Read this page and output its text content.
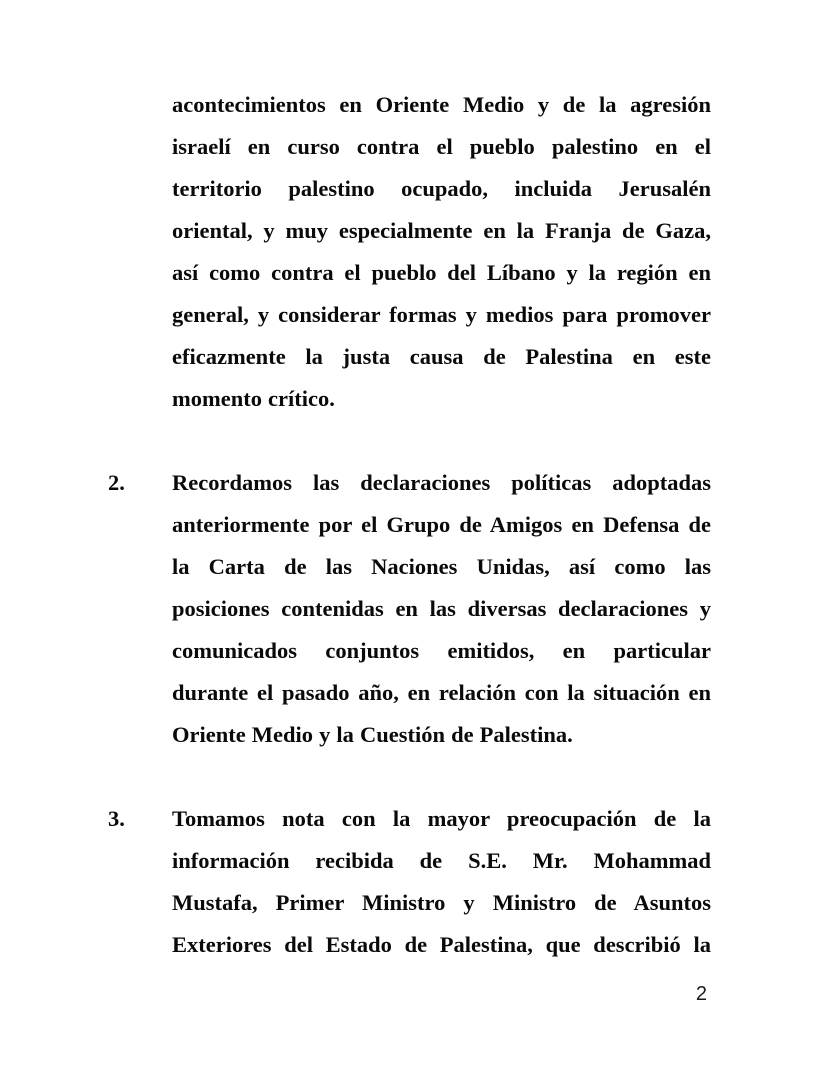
acontecimientos en Oriente Medio y de la agresión
israelí en curso contra el pueblo palestino en el
territorio palestino ocupado, incluida Jerusalén
oriental, y muy especialmente en la Franja de Gaza,
así como contra el pueblo del Líbano y la región en
general, y considerar formas y medios para promover
eficazmente la justa causa de Palestina en este
momento crítico.
2.	Recordamos las declaraciones políticas adoptadas
anteriormente por el Grupo de Amigos en Defensa de
la Carta de las Naciones Unidas, así como las
posiciones contenidas en las diversas declaraciones y
comunicados conjuntos emitidos, en particular
durante el pasado año, en relación con la situación en
Oriente Medio y la Cuestión de Palestina.
3.	Tomamos nota con la mayor preocupación de la
información recibida de S.E. Mr. Mohammad
Mustafa, Primer Ministro y Ministro de Asuntos
Exteriores del Estado de Palestina, que describió la
2
